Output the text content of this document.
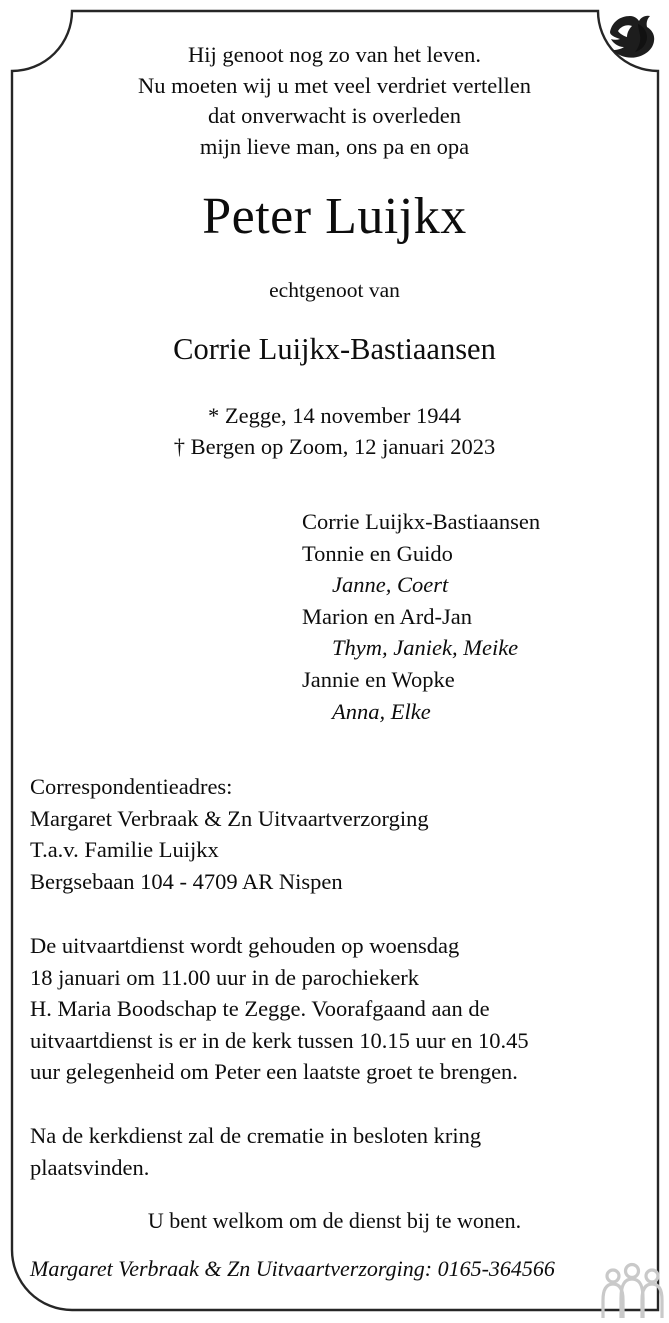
Hij genoot nog zo van het leven.
Nu moeten wij u met veel verdriet vertellen
dat onverwacht is overleden
mijn lieve man, ons pa en opa
Peter Luijkx
echtgenoot van
Corrie Luijkx-Bastiaansen
* Zegge, 14 november 1944
† Bergen op Zoom, 12 januari 2023
Corrie Luijkx-Bastiaansen
Tonnie en Guido
Janne, Coert
Marion en Ard-Jan
Thym, Janiek, Meike
Jannie en Wopke
Anna, Elke
Correspondentieadres:
Margaret Verbraak & Zn Uitvaartverzorging
T.a.v. Familie Luijkx
Bergsebaan 104 - 4709 AR Nispen
De uitvaartdienst wordt gehouden op woensdag
18 januari om 11.00 uur in de parochiekerk
H. Maria Boodschap te Zegge. Voorafgaand aan de
uitvaartdienst is er in de kerk tussen 10.15 uur en 10.45
uur gelegenheid om Peter een laatste groet te brengen.
Na de kerkdienst zal de crematie in besloten kring
plaatsvinden.
U bent welkom om de dienst bij te wonen.
Margaret Verbraak & Zn Uitvaartverzorging: 0165-364566
